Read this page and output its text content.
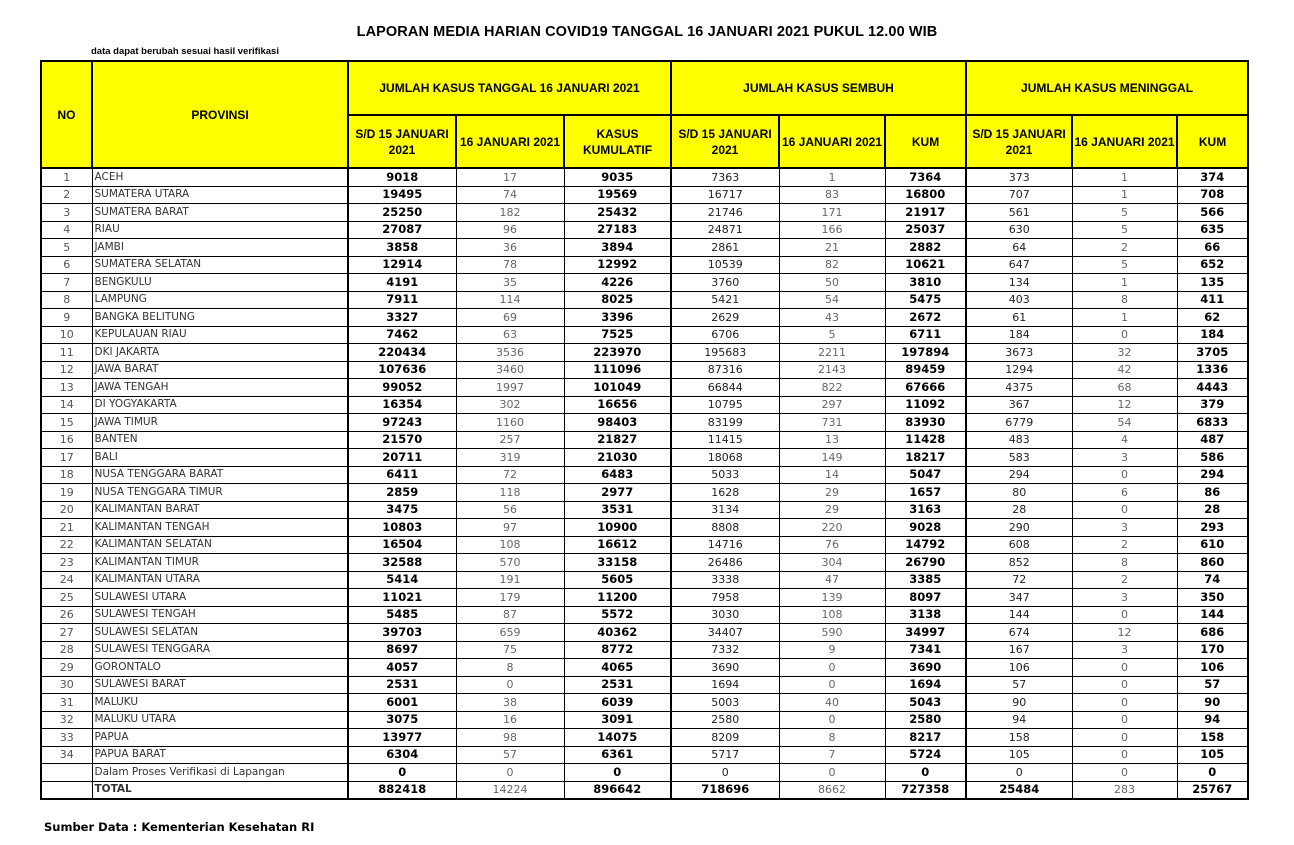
LAPORAN MEDIA HARIAN COVID19 TANGGAL 16 JANUARI 2021 PUKUL 12.00 WIB
data dapat berubah sesuai hasil verifikasi
NO	PROVINSI	JUMLAH KASUS TANGGAL 16 JANUARI 2021			JUMLAH KASUS SEMBUH			JUMLAH KASUS MENINGGAL		
		S/D 15 JANUARI 2021	16 JANUARI 2021	KASUS KUMULATIF	S/D 15 JANUARI 2021	16 JANUARI 2021	KUM	S/D 15 JANUARI 2021	16 JANUARI 2021	KUM
1	ACEH	9018	17	9035	7363	1	7364	373	1	374
2	SUMATERA UTARA	19495	74	19569	16717	83	16800	707	1	708
3	SUMATERA BARAT	25250	182	25432	21746	171	21917	561	5	566
4	RIAU	27087	96	27183	24871	166	25037	630	5	635
5	JAMBI	3858	36	3894	2861	21	2882	64	2	66
6	SUMATERA SELATAN	12914	78	12992	10539	82	10621	647	5	652
7	BENGKULU	4191	35	4226	3760	50	3810	134	1	135
8	LAMPUNG	7911	114	8025	5421	54	5475	403	8	411
9	BANGKA BELITUNG	3327	69	3396	2629	43	2672	61	1	62
10	KEPULAUAN RIAU	7462	63	7525	6706	5	6711	184	0	184
11	DKI JAKARTA	220434	3536	223970	195683	2211	197894	3673	32	3705
12	JAWA BARAT	107636	3460	111096	87316	2143	89459	1294	42	1336
13	JAWA TENGAH	99052	1997	101049	66844	822	67666	4375	68	4443
14	DI YOGYAKARTA	16354	302	16656	10795	297	11092	367	12	379
15	JAWA TIMUR	97243	1160	98403	83199	731	83930	6779	54	6833
16	BANTEN	21570	257	21827	11415	13	11428	483	4	487
17	BALI	20711	319	21030	18068	149	18217	583	3	586
18	NUSA TENGGARA BARAT	6411	72	6483	5033	14	5047	294	0	294
19	NUSA TENGGARA TIMUR	2859	118	2977	1628	29	1657	80	6	86
20	KALIMANTAN BARAT	3475	56	3531	3134	29	3163	28	0	28
21	KALIMANTAN TENGAH	10803	97	10900	8808	220	9028	290	3	293
22	KALIMANTAN SELATAN	16504	108	16612	14716	76	14792	608	2	610
23	KALIMANTAN TIMUR	32588	570	33158	26486	304	26790	852	8	860
24	KALIMANTAN UTARA	5414	191	5605	3338	47	3385	72	2	74
25	SULAWESI UTARA	11021	179	11200	7958	139	8097	347	3	350
26	SULAWESI TENGAH	5485	87	5572	3030	108	3138	144	0	144
27	SULAWESI SELATAN	39703	659	40362	34407	590	34997	674	12	686
28	SULAWESI TENGGARA	8697	75	8772	7332	9	7341	167	3	170
29	GORONTALO	4057	8	4065	3690	0	3690	106	0	106
30	SULAWESI BARAT	2531	0	2531	1694	0	1694	57	0	57
31	MALUKU	6001	38	6039	5003	40	5043	90	0	90
32	MALUKU UTARA	3075	16	3091	2580	0	2580	94	0	94
33	PAPUA	13977	98	14075	8209	8	8217	158	0	158
34	PAPUA BARAT	6304	57	6361	5717	7	5724	105	0	105
	Dalam Proses Verifikasi di Lapangan	0	0	0	0	0	0	0	0	0
	TOTAL	882418	14224	896642	718696	8662	727358	25484	283	25767
Sumber Data : Kementerian Kesehatan RI
